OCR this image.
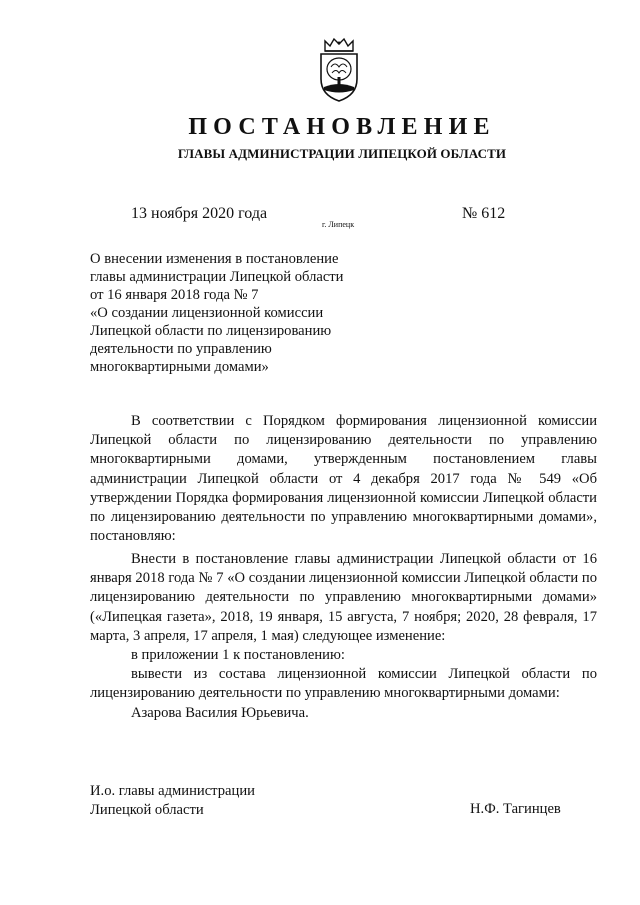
ПОСТАНОВЛЕНИЕ
ГЛАВЫ АДМИНИСТРАЦИИ ЛИПЕЦКОЙ ОБЛАСТИ
13 ноября 2020 года
г. Липецк
№ 612
О внесении изменения в постановление
главы администрации Липецкой области
от 16 января 2018 года № 7
«О создании лицензионной комиссии
Липецкой области по лицензированию
деятельности по управлению
многоквартирными домами»

В соответствии с Порядком формирования лицензионной комиссии Липецкой области по лицензированию деятельности по управлению многоквартирными домами, утвержденным постановлением главы администрации Липецкой области от 4 декабря 2017 года № 549 «Об утверждении Порядка формирования лицензионной комиссии Липецкой области по лицензированию деятельности по управлению многоквартирными домами», постановляю:

Внести в постановление главы администрации Липецкой области от 16 января 2018 года № 7 «О создании лицензионной комиссии Липецкой области по лицензированию деятельности по управлению многоквартирными домами» («Липецкая газета», 2018, 19 января, 15 августа, 7 ноября; 2020, 28 февраля, 17 марта, 3 апреля, 17 апреля, 1 мая) следующее изменение:

в приложении 1 к постановлению:

вывести из состава лицензионной комиссии Липецкой области по лицензированию деятельности по управлению многоквартирными домами:

Азарова Василия Юрьевича.

И.о. главы администрации
Липецкой области	Н.Ф. Тагинцев
